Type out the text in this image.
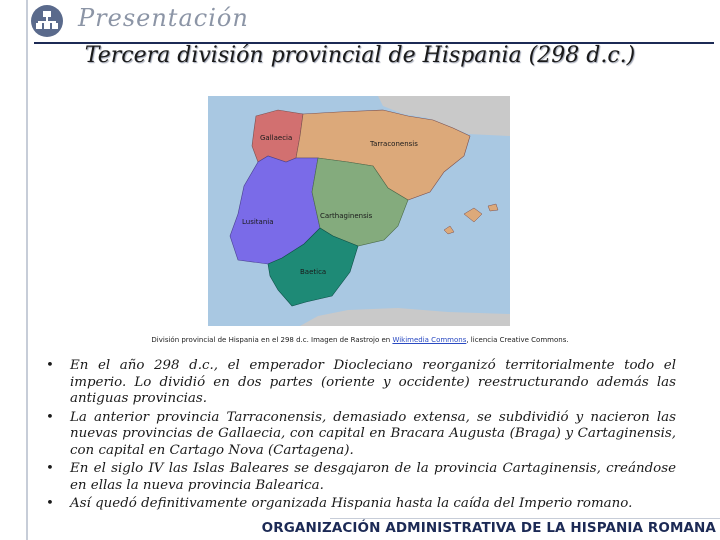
Presentación
Tercera división provincial de Hispania (298 d.c.)
Gallaecia
Tarraconensis
Lusitania
Carthaginensis
Baetica
División provincial de Hispania en el 298 d.c. Imagen de Rastrojo en Wikimedia Commons, licencia Creative Commons.
• En el año 298 d.c., el emperador Diocleciano reorganizó territorialmente todo el imperio. Lo dividió en dos partes (oriente y occidente) reestructurando además las antiguas provincias.
• La anterior provincia Tarraconensis, demasiado extensa, se subdividió y nacieron las nuevas provincias de Gallaecia, con capital en Bracara Augusta (Braga) y Cartaginensis, con capital en Cartago Nova (Cartagena).
• En el siglo IV las Islas Baleares se desgajaron de la provincia Cartaginensis, creándose en ellas la nueva provincia Balearica.
• Así quedó definitivamente organizada Hispania hasta la caída del Imperio romano.
ORGANIZACIÓN ADMINISTRATIVA DE LA HISPANIA ROMANA
